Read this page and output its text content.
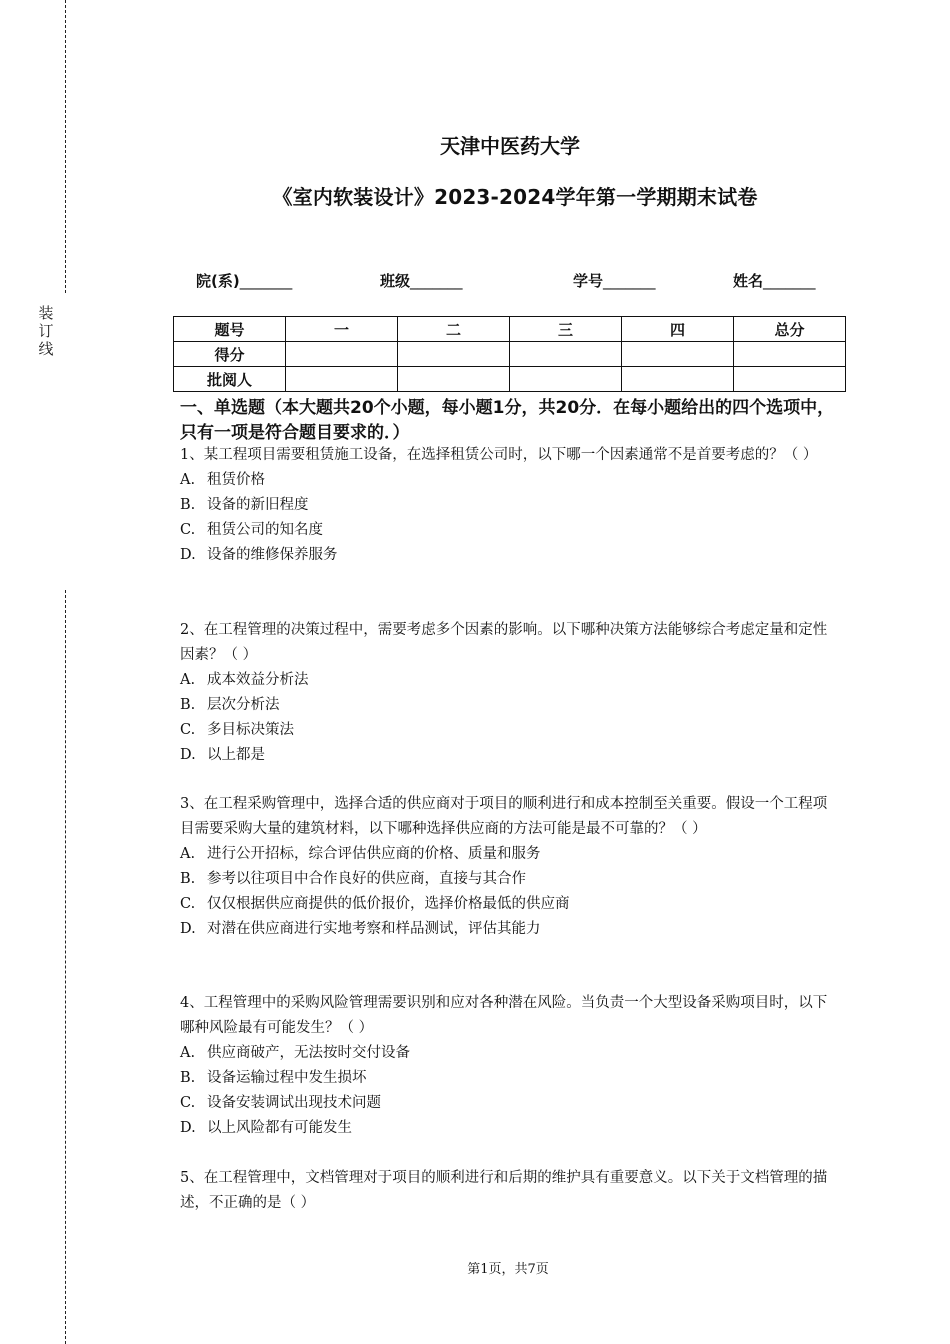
装
订
线
天津中医药大学
《室内软装设计》2023-2024学年第一学期期末试卷
院(系)_______	班级_______	学号_______	姓名_______
题号	一	二	三	四	总分
得分					
批阅人					
一、单选题（本大题共20个小题，每小题1分，共20分．在每小题给出的四个选项中，只有一项是符合题目要求的．）

1、某工程项目需要租赁施工设备，在选择租赁公司时，以下哪一个因素通常不是首要考虑的？（ ）

A. 租赁价格

B. 设备的新旧程度

C. 租赁公司的知名度

D. 设备的维修保养服务

2、在工程管理的决策过程中，需要考虑多个因素的影响。以下哪种决策方法能够综合考虑定量和定性因素？（ ）

A. 成本效益分析法

B. 层次分析法

C. 多目标决策法

D. 以上都是

3、在工程采购管理中，选择合适的供应商对于项目的顺利进行和成本控制至关重要。假设一个工程项目需要采购大量的建筑材料，以下哪种选择供应商的方法可能是最不可靠的？（ ）

A. 进行公开招标，综合评估供应商的价格、质量和服务

B. 参考以往项目中合作良好的供应商，直接与其合作

C. 仅仅根据供应商提供的低价报价，选择价格最低的供应商

D. 对潜在供应商进行实地考察和样品测试，评估其能力

4、工程管理中的采购风险管理需要识别和应对各种潜在风险。当负责一个大型设备采购项目时，以下哪种风险最有可能发生？（ ）

A. 供应商破产，无法按时交付设备

B. 设备运输过程中发生损坏

C. 设备安装调试出现技术问题

D. 以上风险都有可能发生

5、在工程管理中，文档管理对于项目的顺利进行和后期的维护具有重要意义。以下关于文档管理的描述，不正确的是（ ）

第1页，共7页
